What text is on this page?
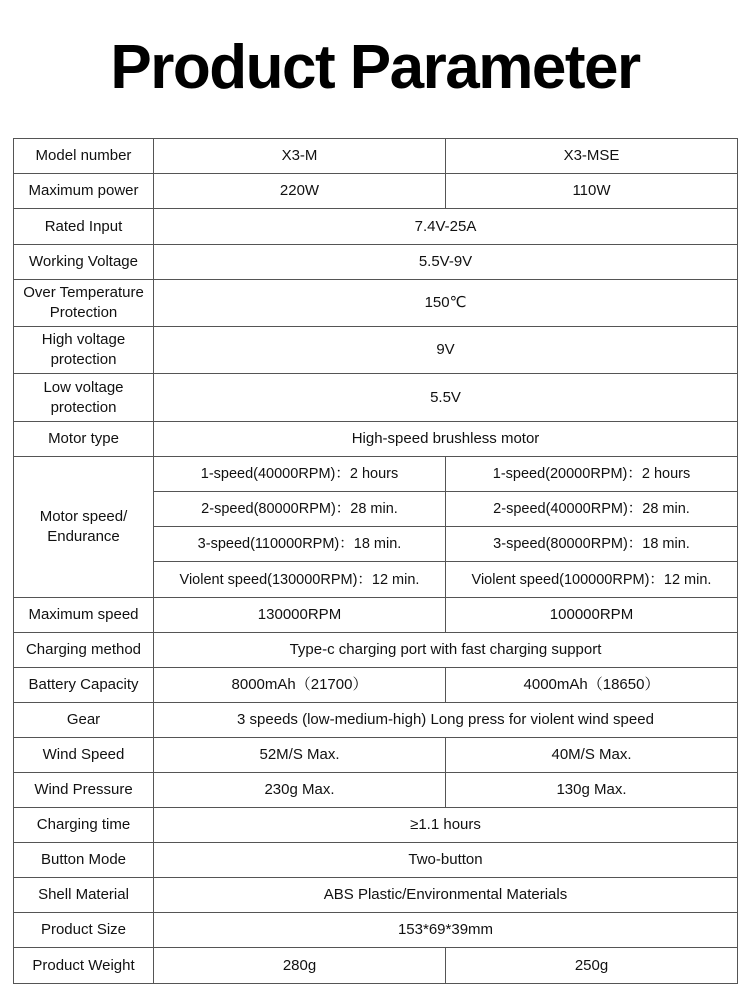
Product Parameter
Model number	X3-M	X3-MSE
Maximum power	220W	110W
Rated Input	7.4V-25A	
Working Voltage	5.5V-9V	
Over Temperature Protection	150℃	
High voltage protection	9V	
Low voltage protection	5.5V	
Motor type	High-speed brushless motor	
Motor speed/ Endurance	1-speed(40000RPM)：2 hours	1-speed(20000RPM)：2 hours
	2-speed(80000RPM)：28 min.	2-speed(40000RPM)：28 min.
	3-speed(110000RPM)：18 min.	3-speed(80000RPM)：18 min.
	Violent speed(130000RPM)：12 min.	Violent speed(100000RPM)：12 min.
Maximum speed	130000RPM	100000RPM
Charging method	Type-c charging port with fast charging support	
Battery Capacity	8000mAh（21700）	4000mAh（18650）
Gear	3 speeds (low-medium-high) Long press for violent wind speed	
Wind Speed	52M/S Max.	40M/S Max.
Wind Pressure	230g Max.	130g Max.
Charging time	≥1.1 hours	
Button Mode	Two-button	
Shell Material	ABS Plastic/Environmental Materials	
Product Size	153*69*39mm	
Product Weight	280g	250g
